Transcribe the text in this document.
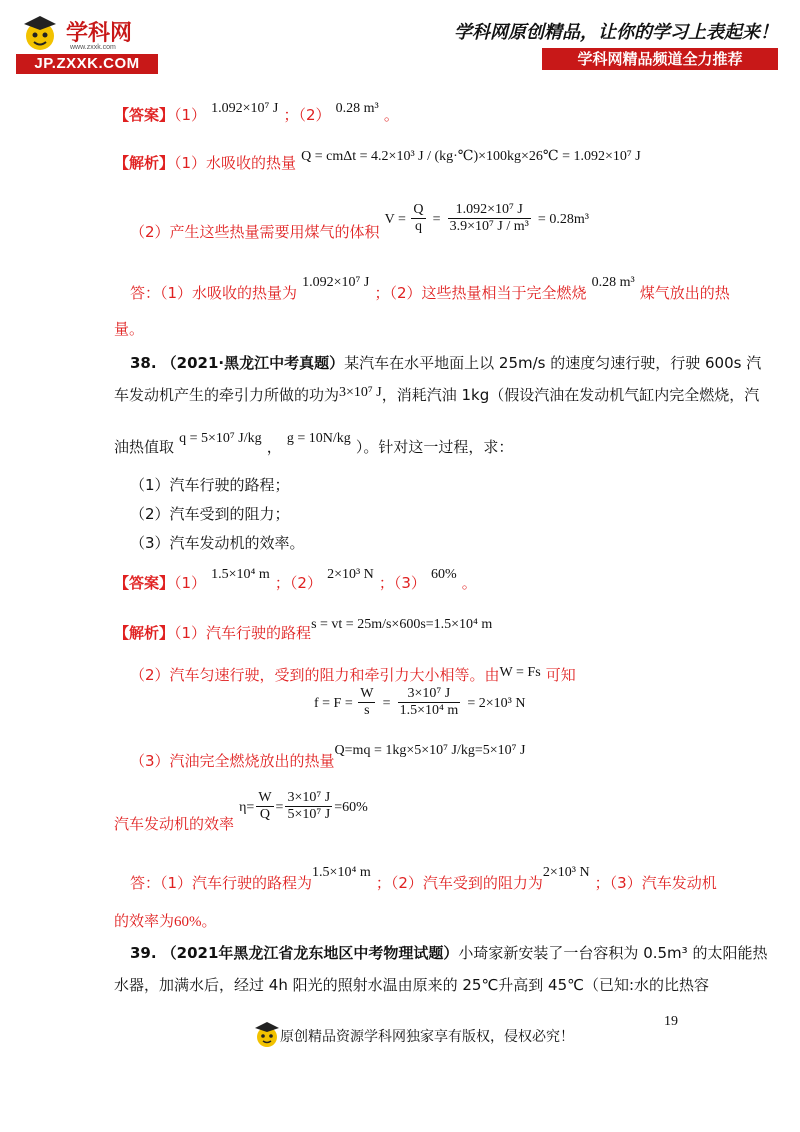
学科网
www.zxxk.com
JP.ZXXK.COM
学科网原创精品，让你的学习上表起来！
学科网精品频道全力推荐
【答案】（1） 1.092×10⁷ J ；（2） 0.28 m³ 。
【解析】（1）水吸收的热量 Q = cmΔt = 4.2×10³ J / (kg·℃)×100kg×26℃ = 1.092×10⁷ J
（2）产生这些热量需要用煤气的体积 $V = \frac{Q}{q} = \frac{\text{1.092×10⁷ J}}{\text{3.9×10⁷ J / m³}} = 0.28m^3$
答：（1）水吸收的热量为 1.092×10⁷ J ；（2）这些热量相当于完全燃烧 0.28 m³ 煤气放出的热
量。
38. （2021·黑龙江中考真题）某汽车在水平地面上以 25m/s 的速度匀速行驶，行驶 600s 汽
车发动机产生的牵引力所做的功为3×10⁷ J，消耗汽油 1kg（假设汽油在发动机气缸内完全燃烧，汽
油热值取 q = 5×10⁷ J/kg ， g = 10N/kg ）。针对这一过程，求：
（1）汽车行驶的路程；
（2）汽车受到的阻力；
（3）汽车发动机的效率。
【答案】（1） 1.5×10⁴ m ；（2） 2×10³ N ；（3） 60% 。
【解析】（1）汽车行驶的路程s = vt = 25m/s×600s=1.5×10⁴ m
（2）汽车匀速行驶，受到的阻力和牵引力大小相等。由W = Fs 可知
$f = F = \frac{W}{s} = \frac{\text{3×10⁷ J}}{\text{1.5×10⁴ m}} = 2\times 10^3$ N
（3）汽油完全燃烧放出的热量Q=mq = 1kg×5×10⁷ J/kg=5×10⁷ J
汽车发动机的效率 $\eta= \frac{W}{Q} = \frac{\text{3×10⁷ J}}{\text{5×10⁷ J}} =60\%$
答：（1）汽车行驶的路程为1.5×10⁴ m ；（2）汽车受到的阻力为2×10³ N ；（3）汽车发动机
的效率为60%。
39. （2021年黑龙江省龙东地区中考物理试题）小琦家新安装了一台容积为 0.5m³ 的太阳能热
水器，加满水后，经过 4h 阳光的照射水温由原来的 25℃升高到 45℃（已知:水的比热容
19
原创精品资源学科网独家享有版权，侵权必究！
